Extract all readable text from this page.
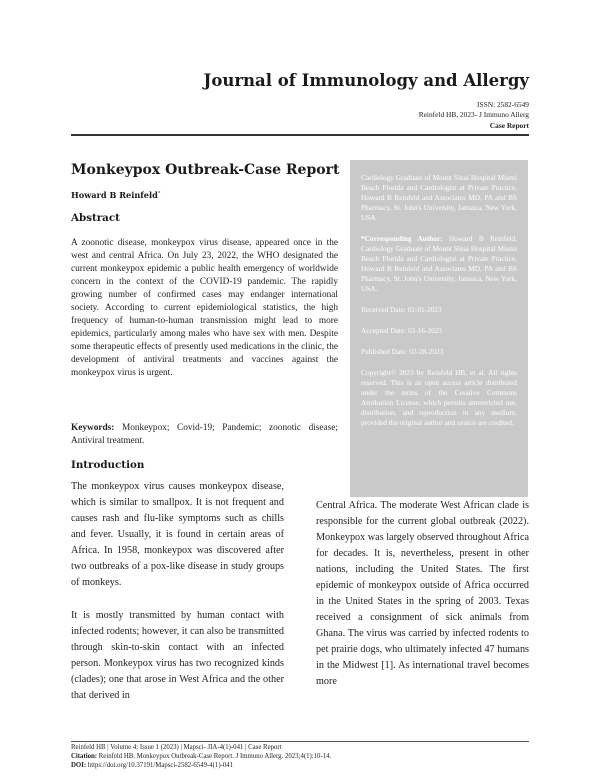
Journal of Immunology and Allergy
ISSN: 2582-6549
Reinfeld HB, 2023- J Immuno Allerg
Case Report
Monkeypox Outbreak-Case Report
Howard B Reinfeld*
Abstract
A zoonotic disease, monkeypox virus disease, appeared once in the west and central Africa. On July 23, 2022, the WHO designated the current monkeypox epidemic a public health emergency of worldwide concern in the context of the COVID-19 pandemic. The rapidly growing number of confirmed cases may endanger international society. According to current epidemiological statistics, the high frequency of human-to-human transmission might lead to more epidemics, particularly among males who have sex with men. Despite some therapeutic effects of presently used medications in the clinic, the development of antiviral treatments and vaccines against the monkeypox virus is urgent.
Keywords: Monkeypox; Covid-19; Pandemic; zoonotic disease; Antiviral treatment.
Cardiology Graduate of Mount Sinai Hospital Miami Beach Florida and Cardiologist at Private Practice, Howard B Reinfeld and Associates MD, PA and BS Pharmacy, St. John's University, Jamaica, New York, USA
*Corresponding Author: Howard B Reinfeld, Cardiology Graduate of Mount Sinai Hospital Miami Beach Florida and Cardiologist at Private Practice, Howard B Reinfeld and Associates MD, PA and BS Pharmacy, St. John's University, Jamaica, New York, USA.
Received Date: 02-01-2023
Accepted Date: 02-16-2023
Published Date: 02-28-2023
Copyright© 2023 by Reinfeld HB, et al. All rights reserved. This is an open access article distributed under the terms of the Creative Commons Attribution License, which permits unrestricted use, distribution, and reproduction in any medium, provided the original author and source are credited.
Introduction
The monkeypox virus causes monkeypox disease, which is similar to smallpox. It is not frequent and causes rash and flu-like symptoms such as chills and fever. Usually, it is found in certain areas of Africa. In 1958, monkeypox was discovered after two outbreaks of a pox-like disease in study groups of monkeys.
It is mostly transmitted by human contact with infected rodents; however, it can also be transmitted through skin-to-skin contact with an infected person. Monkeypox virus has two recognized kinds (clades); one that arose in West Africa and the other that derived in
Central Africa. The moderate West African clade is responsible for the current global outbreak (2022). Monkeypox was largely observed throughout Africa for decades. It is, nevertheless, present in other nations, including the United States. The first epidemic of monkeypox outside of Africa occurred in the United States in the spring of 2003. Texas received a consignment of sick animals from Ghana. The virus was carried by infected rodents to pet prairie dogs, who ultimately infected 47 humans in the Midwest [1]. As international travel becomes more
Reinfeld HB | Volume 4; Issue 1 (2023) | Mapsci- JIA-4(1)-041 | Case Report
Citation: Reinfeld HB. Monkeypox Outbreak-Case Report. J Immuno Allerg. 2023;4(1):10-14.
DOI: https://doi.org/10.37191/Mapsci-2582-6549-4(1)-041
